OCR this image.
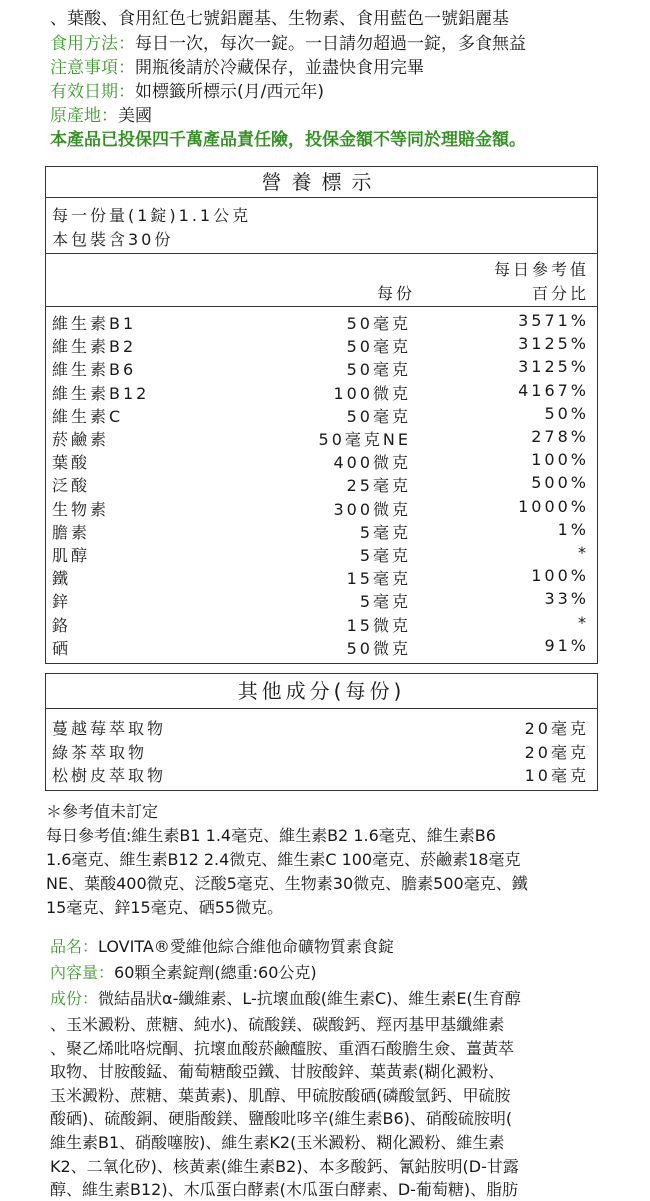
、葉酸、食用紅色七號鋁麗基、生物素、食用藍色一號鋁麗基
食用方法：每日一次，每次一錠。一日請勿超過一錠，多食無益
注意事項：開瓶後請於冷藏保存，並盡快食用完畢
有效日期：如標籤所標示(月/西元年)
原產地：美國
本產品已投保四千萬產品責任險，投保金額不等同於理賠金額。
營養標示
每一份量(1錠)1.1公克
本包裝含30份
每日參考值
每份	百分比
維生素B1	50毫克	3571%
維生素B2	50毫克	3125%
維生素B6	50毫克	3125%
維生素B12	100微克	4167%
維生素C	50毫克	50%
菸鹼素	50毫克NE	278%
葉酸	400微克	100%
泛酸	25毫克	500%
生物素	300微克	1000%
膽素	5毫克	1%
肌醇	5毫克	*
鐵	15毫克	100%
鋅	5毫克	33%
鉻	15微克	*
硒	50微克	91%
其他成分(每份)
蔓越莓萃取物	20毫克
綠茶萃取物	20毫克
松樹皮萃取物	10毫克
＊參考值未訂定
每日參考值:維生素B1 1.4毫克、維生素B2 1.6毫克、維生素B6
1.6毫克、維生素B12 2.4微克、維生素C 100毫克、菸鹼素18毫克
NE、葉酸400微克、泛酸5毫克、生物素30微克、膽素500毫克、鐵
15毫克、鋅15毫克、硒55微克。
品名：LOVITA®愛維他綜合維他命礦物質素食錠
內容量：60顆全素錠劑(總重:60公克)
成份：微結晶狀α-纖維素、L-抗壞血酸(維生素C)、維生素E(生育醇
、玉米澱粉、蔗糖、純水)、硫酸鎂、碳酸鈣、羥丙基甲基纖維素
、聚乙烯吡咯烷酮、抗壞血酸菸鹼醯胺、重酒石酸膽生僉、薑黃萃
取物、甘胺酸錳、葡萄糖酸亞鐵、甘胺酸鋅、葉黃素(糊化澱粉、
玉米澱粉、蔗糖、葉黃素)、肌醇、甲硫胺酸硒(磷酸氫鈣、甲硫胺
酸硒)、硫酸銅、硬脂酸鎂、鹽酸吡哆辛(維生素B6)、硝酸硫胺明(
維生素B1、硝酸噻胺)、維生素K2(玉米澱粉、糊化澱粉、維生素
K2、二氧化矽)、核黃素(維生素B2)、本多酸鈣、氰鈷胺明(D-甘露
醇、維生素B12)、木瓜蛋白酵素(木瓜蛋白酵素、D-葡萄糖)、脂肪
